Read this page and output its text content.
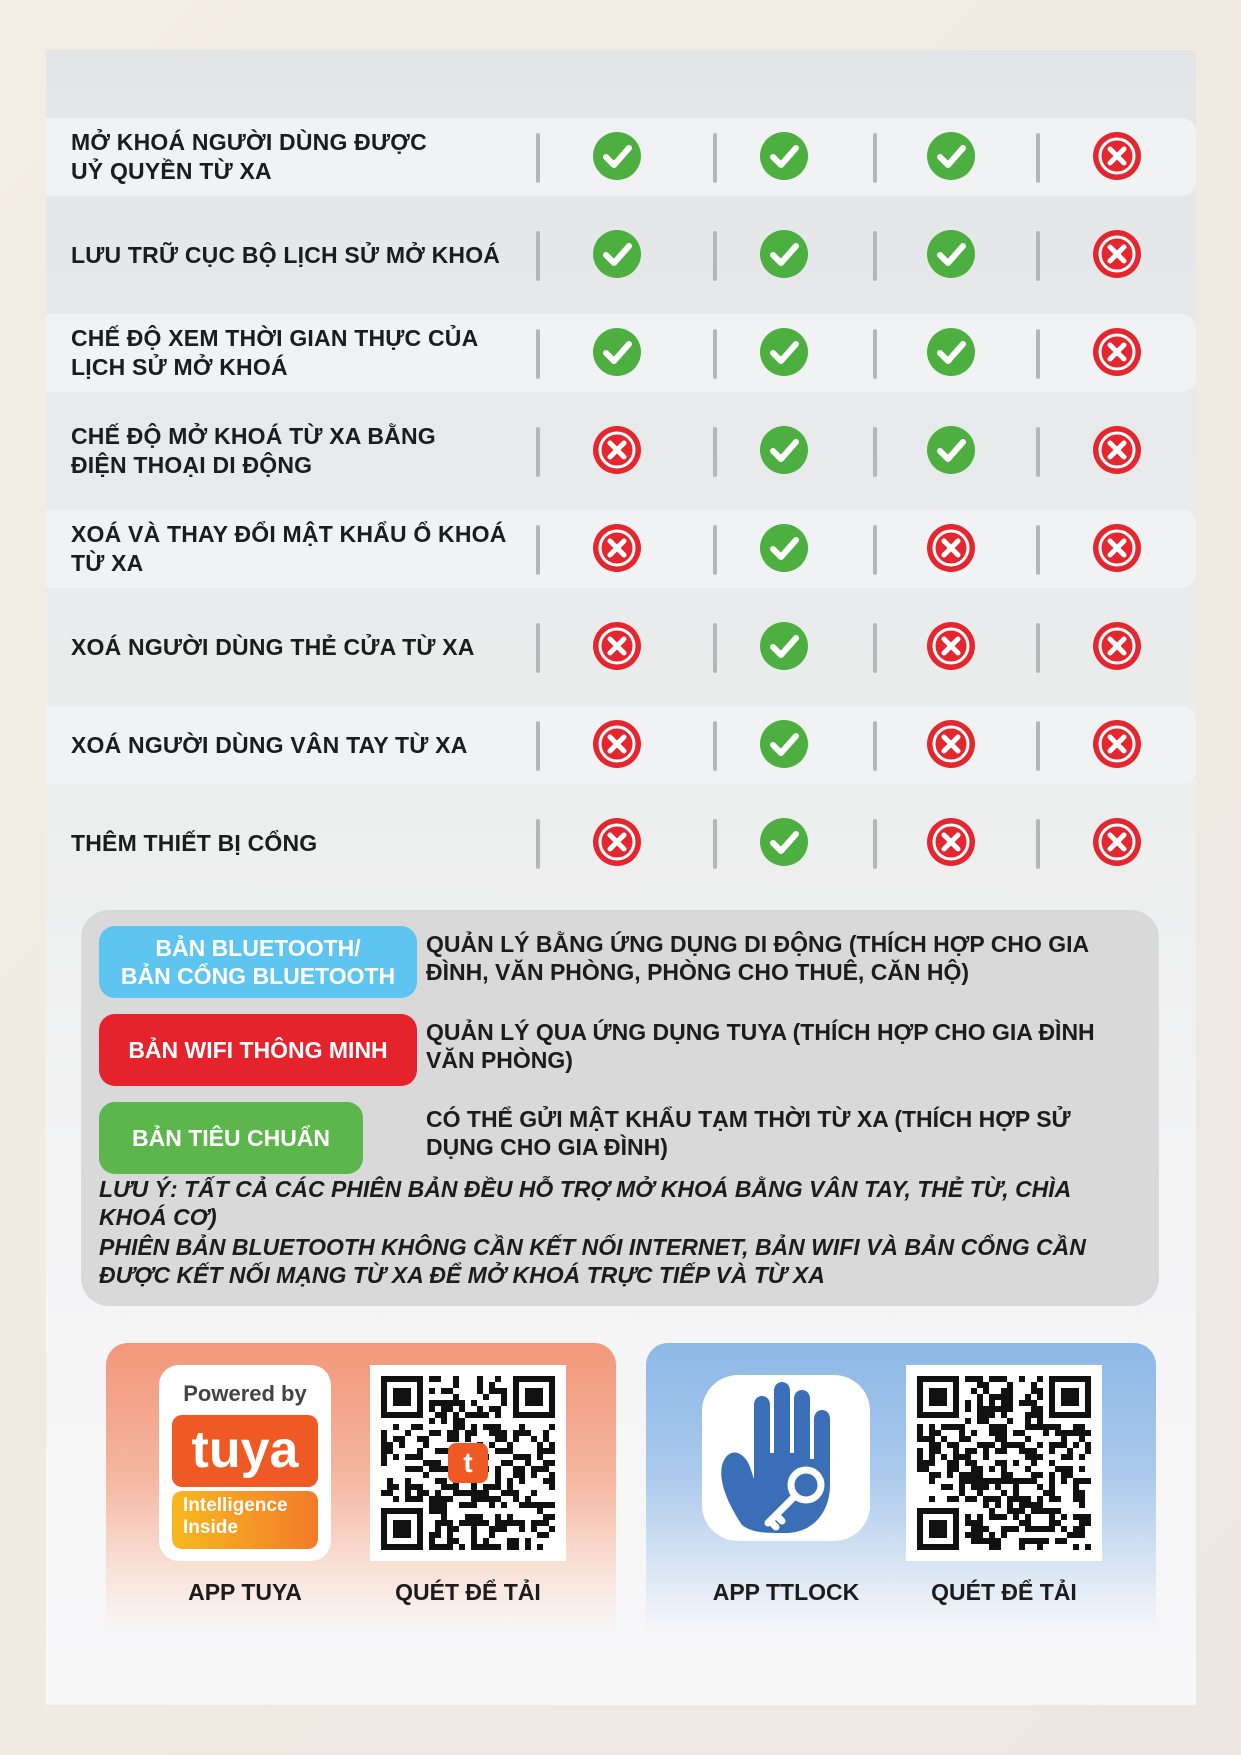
MỞ KHOÁ NGƯỜI DÙNG ĐƯỢC
UỶ QUYỀN TỪ XA
LƯU TRỮ CỤC BỘ LỊCH SỬ MỞ KHOÁ
CHẾ ĐỘ XEM THỜI GIAN THỰC CỦA
LỊCH SỬ MỞ KHOÁ
CHẾ ĐỘ MỞ KHOÁ TỪ XA BẰNG
ĐIỆN THOẠI DI ĐỘNG
XOÁ VÀ THAY ĐỔI MẬT KHẨU Ổ KHOÁ
TỪ XA
XOÁ NGƯỜI DÙNG THẺ CỬA TỪ XA
XOÁ NGƯỜI DÙNG VÂN TAY TỪ XA
THÊM THIẾT BỊ CỔNG
BẢN BLUETOOTH/
BẢN CỔNG BLUETOOTH
QUẢN LÝ BẰNG ỨNG DỤNG DI ĐỘNG (THÍCH HỢP CHO GIA
ĐÌNH, VĂN PHÒNG, PHÒNG CHO THUÊ, CĂN HỘ)
BẢN WIFI THÔNG MINH
QUẢN LÝ QUA ỨNG DỤNG TUYA (THÍCH HỢP CHO GIA ĐÌNH
VĂN PHÒNG)
BẢN TIÊU CHUẨN
CÓ THỂ GỬI MẬT KHẨU TẠM THỜI TỪ XA (THÍCH HỢP SỬ
DỤNG CHO GIA ĐÌNH)
LƯU Ý: TẤT CẢ CÁC PHIÊN BẢN ĐỀU HỖ TRỢ MỞ KHOÁ BẰNG VÂN TAY, THẺ TỪ, CHÌA
KHOÁ CƠ)
PHIÊN BẢN BLUETOOTH KHÔNG CẦN KẾT NỐI INTERNET, BẢN WIFI VÀ BẢN CỔNG CẦN
ĐƯỢC KẾT NỐI MẠNG TỪ XA ĐỂ MỞ KHOÁ TRỰC TIẾP VÀ TỪ XA
Powered by
tuya
Intelligence
Inside
t
APP TUYA	QUÉT ĐỂ TẢI	APP TTLOCK	QUÉT ĐỂ TẢI
